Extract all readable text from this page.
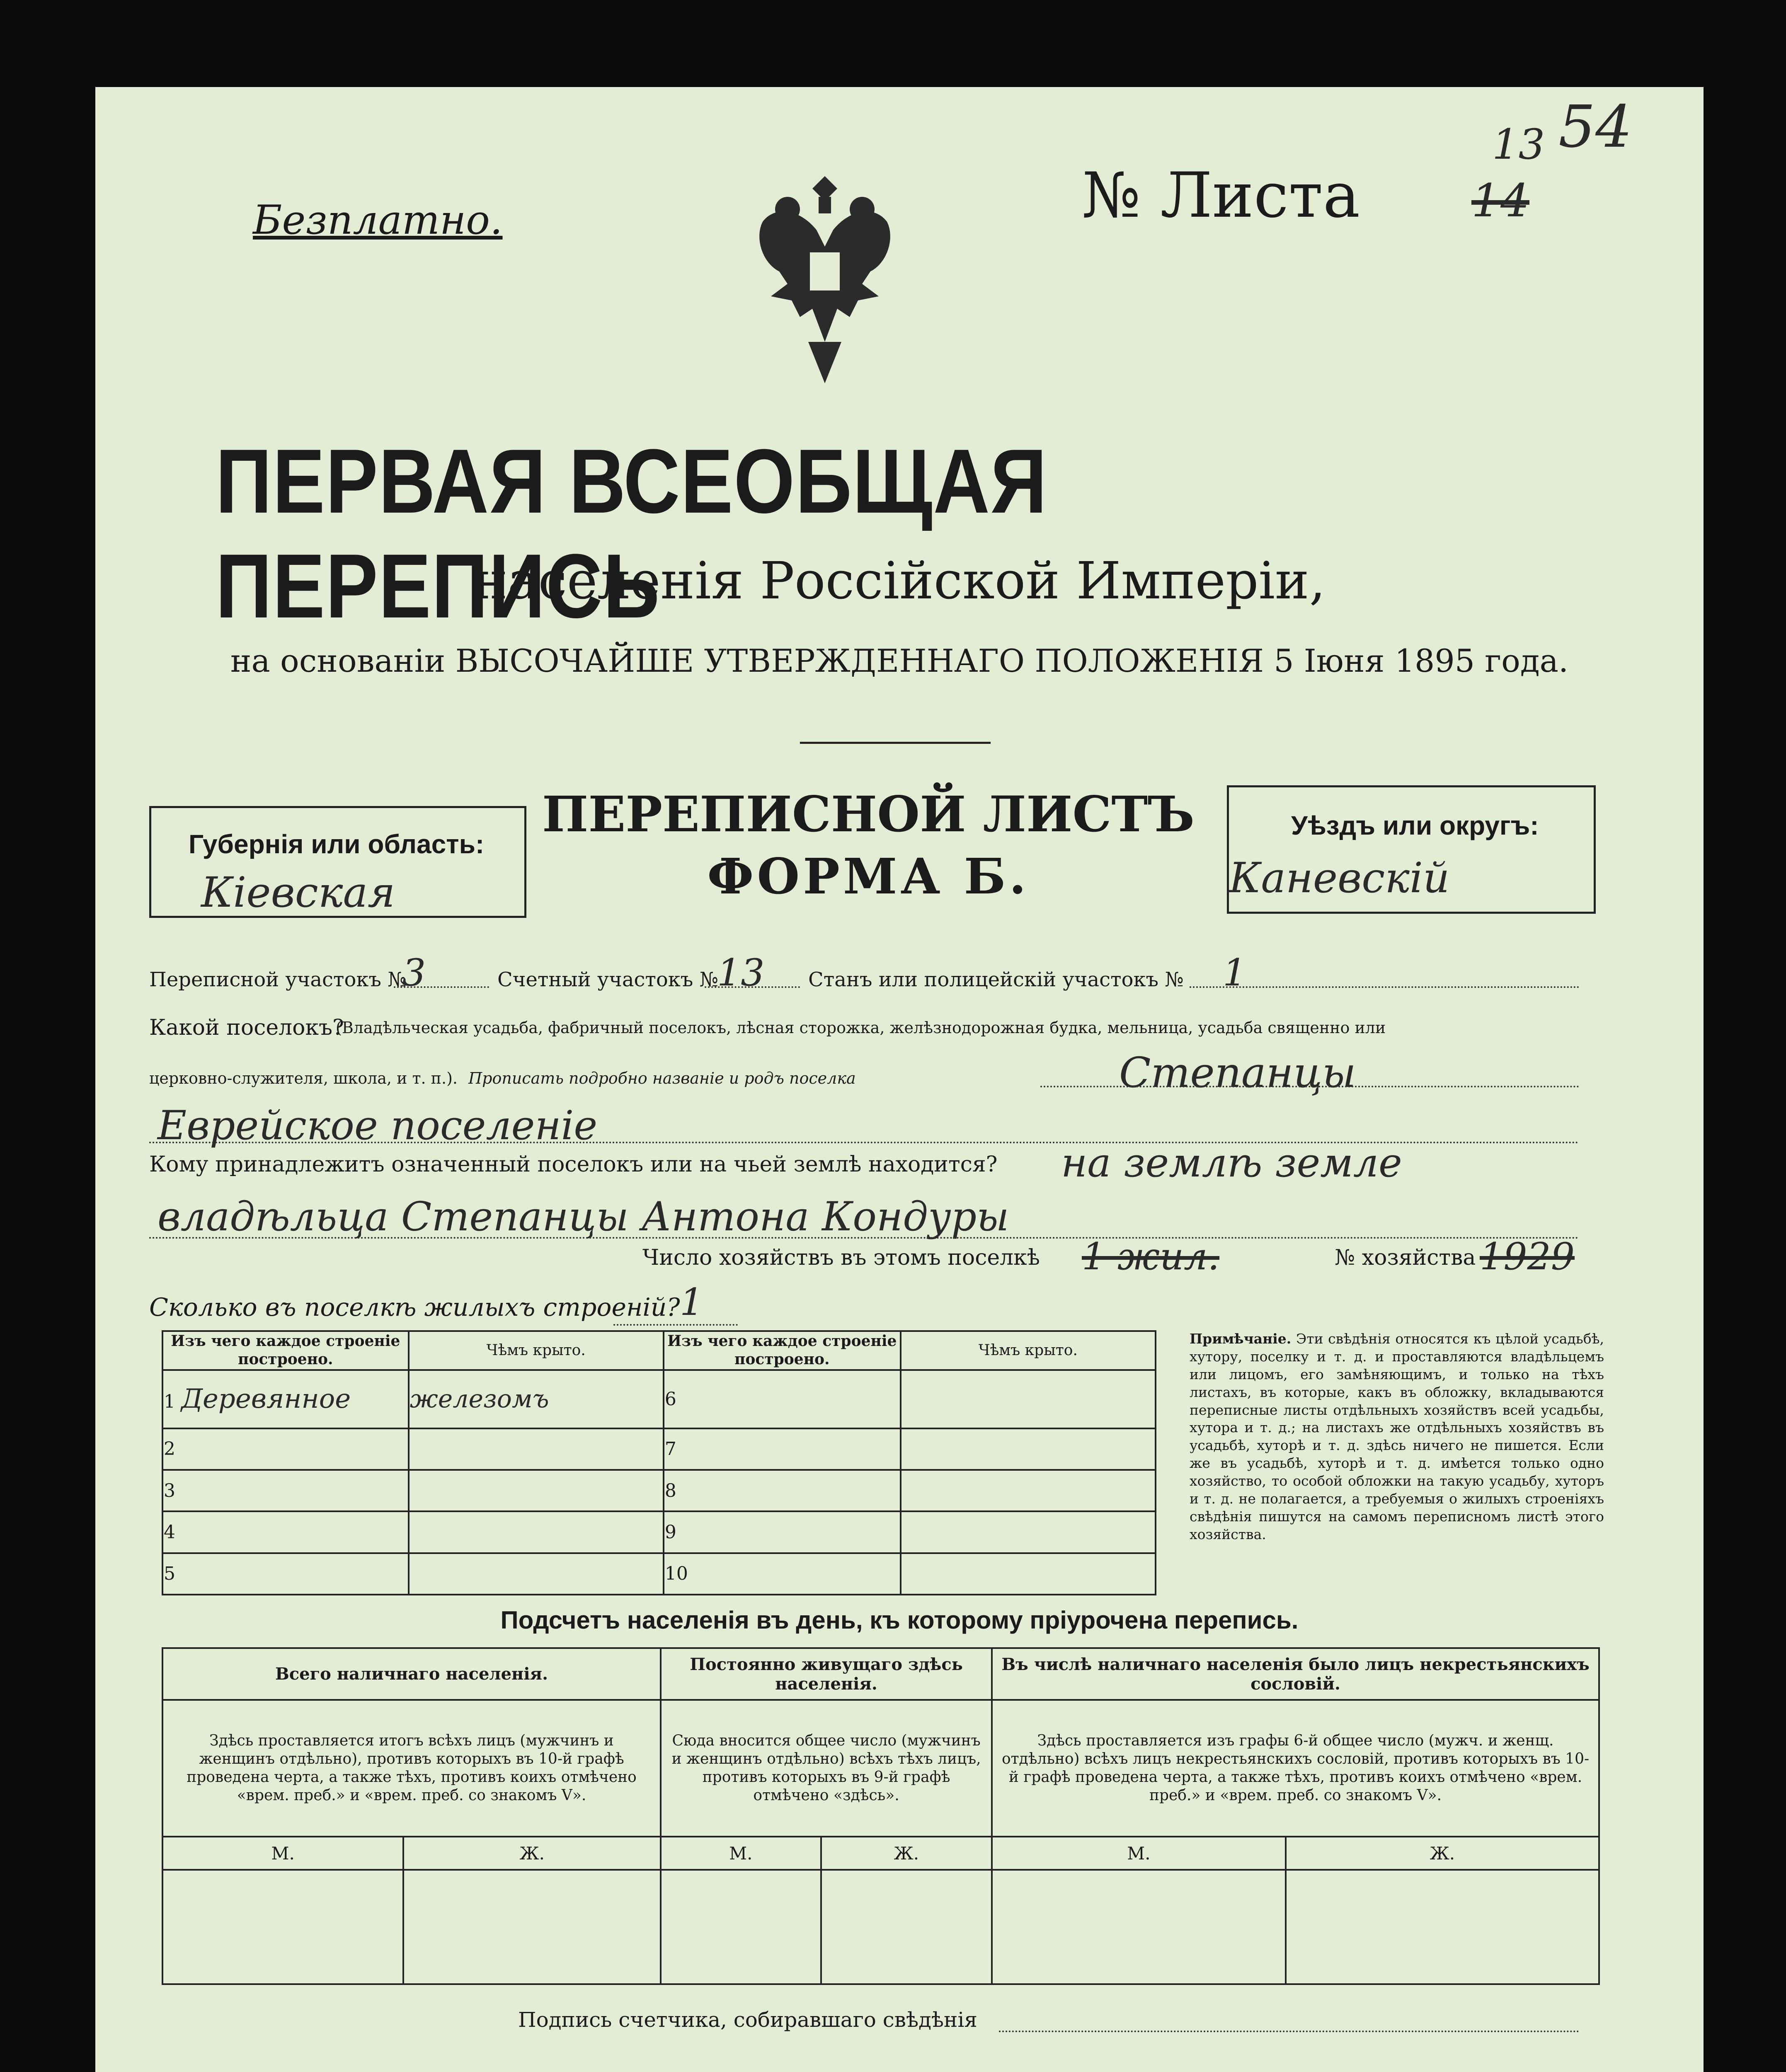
Безплатно.	№ Листа 14
13 54
ПЕРВАЯ ВСЕОБЩАЯ ПЕРЕПИСЬ
населенія Россійской Имперіи,
на основаніи ВЫСОЧАЙШЕ УТВЕРЖДЕННАГО ПОЛОЖЕНІЯ 5 Іюня 1895 года.
Губернія или область:
Кіевская
ПЕРЕПИСНОЙ ЛИСТЪ
ФОРМА Б.
Уѣздъ или округъ:
Каневскій
Переписной участокъ №
3	Счетный участокъ №
13 Станъ или полицейскій участокъ № 1
Какой поселокъ?
(Владѣльческая усадьба, фабричный поселокъ, лѣсная сторожка, желѣзнодорожная будка, мельница, усадьба священно или
церковно-служителя, школа, и т. п.). Прописать подробно названіе и родъ поселка	Степанцы
Еврейское поселеніе
Кому принадлежитъ означенный поселокъ или на чьей землѣ находится? на землѣ земле
владѣльца Степанцы Антона Кондуры
Число хозяйствъ въ этомъ поселкѣ 1 жил.	№ хозяйства 1929
Сколько въ поселкѣ жилыхъ строеній? 1
Изъ чего каждое строеніе построено.	Чѣмъ крыто.	Изъ чего каждое строеніе построено.	Чѣмъ крыто.
1 Деревянное	железомъ	6	
2		7	
3		8	
4		9	
5		10	
Примѣчаніе. Эти свѣдѣнія относятся къ цѣлой усадьбѣ, хутору, поселку и т. д. и проставляются владѣльцемъ или лицомъ, его замѣняющимъ, и только на тѣхъ листахъ, въ которые, какъ въ обложку, вкладываются переписные листы отдѣльныхъ хозяйствъ всей усадьбы, хутора и т. д.; на листахъ же отдѣльныхъ хозяйствъ въ усадьбѣ, хуторѣ и т. д. здѣсь ничего не пишется. Если же въ усадьбѣ, хуторѣ и т. д. имѣется только одно хозяйство, то особой обложки на такую усадьбу, хуторъ и т. д. не полагается, а требуемыя о жилыхъ строеніяхъ свѣдѣнія пишутся на самомъ переписномъ листѣ этого хозяйства.
Подсчетъ населенія въ день, къ которому пріурочена перепись.
Всего наличнаго населенія.		Постоянно живущаго здѣсь населенія.		Въ числѣ наличнаго населенія было лицъ некрестьянскихъ сословій.	
Здѣсь проставляется итогъ всѣхъ лицъ (мужчинъ и женщинъ отдѣльно), противъ которыхъ въ 10-й графѣ проведена черта, а также тѣхъ, противъ коихъ отмѣчено «врем. преб.» и «врем. преб. со знакомъ V».		Сюда вносится общее число (мужчинъ и женщинъ отдѣльно) всѣхъ тѣхъ лицъ, противъ которыхъ въ 9-й графѣ отмѣчено «здѣсь».		Здѣсь проставляется изъ графы 6-й общее число (мужч. и женщ. отдѣльно) всѣхъ лицъ некрестьянскихъ сословій, противъ которыхъ въ 10-й графѣ проведена черта, а также тѣхъ, противъ коихъ отмѣчено «врем. преб.» и «врем. преб. со знакомъ V».	
М.	Ж.	М.	Ж.	М.	Ж.

Подпись счетчика, собиравшаго свѣдѣнія
